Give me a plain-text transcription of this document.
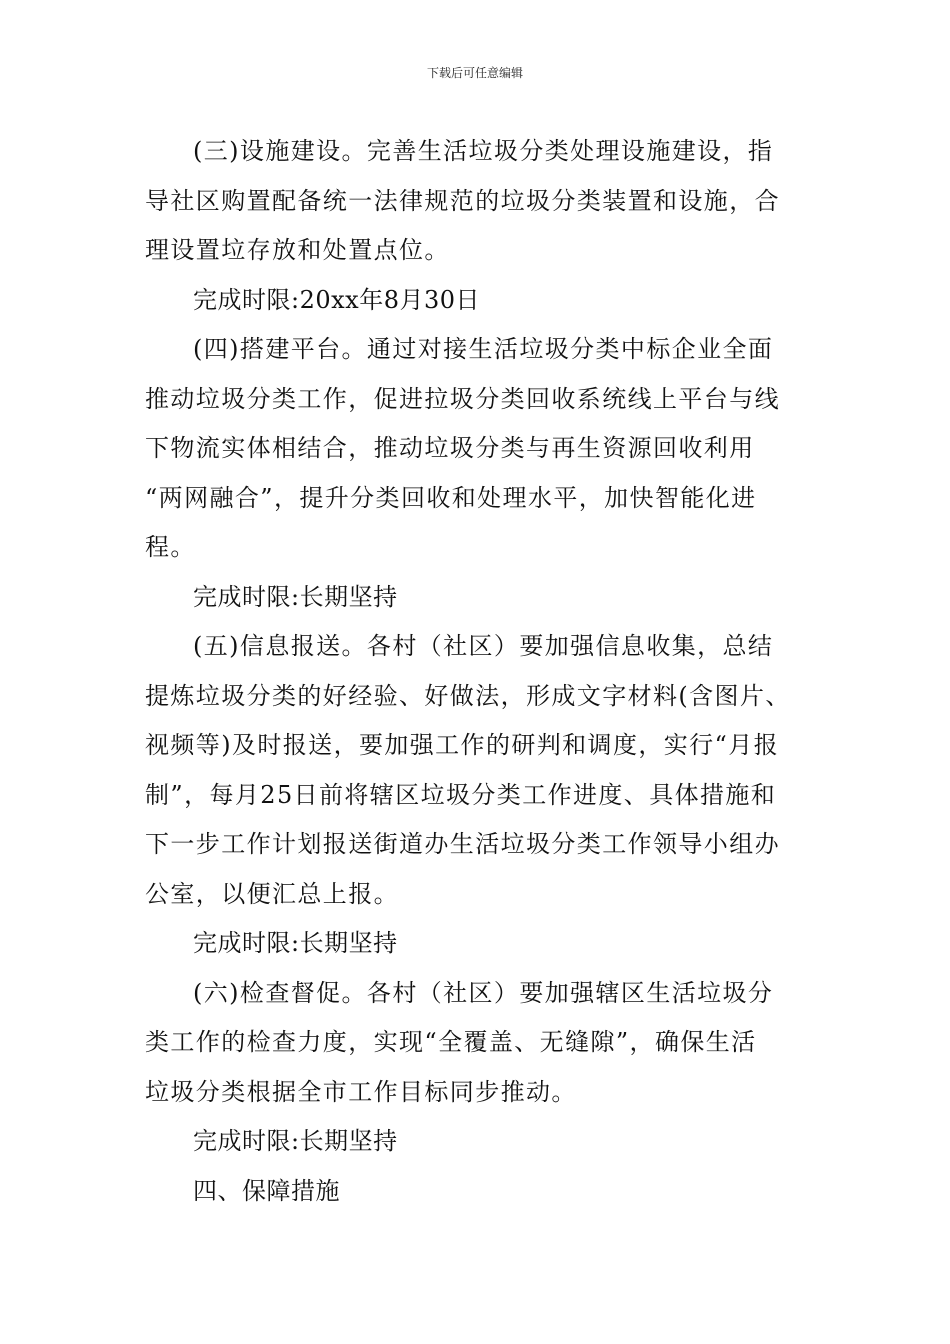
下载后可任意编辑
(三)设施建设。完善生活垃圾分类处理设施建设，指
导社区购置配备统一法律规范的垃圾分类装置和设施，合
理设置垃存放和处置点位。
完成时限:20xx年8月30日
(四)搭建平台。通过对接生活垃圾分类中标企业全面
推动垃圾分类工作，促进拉圾分类回收系统线上平台与线
下物流实体相结合，推动垃圾分类与再生资源回收利用
“两网融合”，提升分类回收和处理水平，加快智能化进
程。
完成时限:长期坚持
(五)信息报送。各村（社区）要加强信息收集，总结
提炼垃圾分类的好经验、好做法，形成文字材料(含图片、
视频等)及时报送，要加强工作的研判和调度，实行“月报
制”，每月25日前将辖区垃圾分类工作进度、具体措施和
下一步工作计划报送街道办生活垃圾分类工作领导小组办
公室，以便汇总上报。
完成时限:长期坚持
(六)检查督促。各村（社区）要加强辖区生活垃圾分
类工作的检查力度，实现“全覆盖、无缝隙”，确保生活
垃圾分类根据全市工作目标同步推动。
完成时限:长期坚持
四、保障措施
